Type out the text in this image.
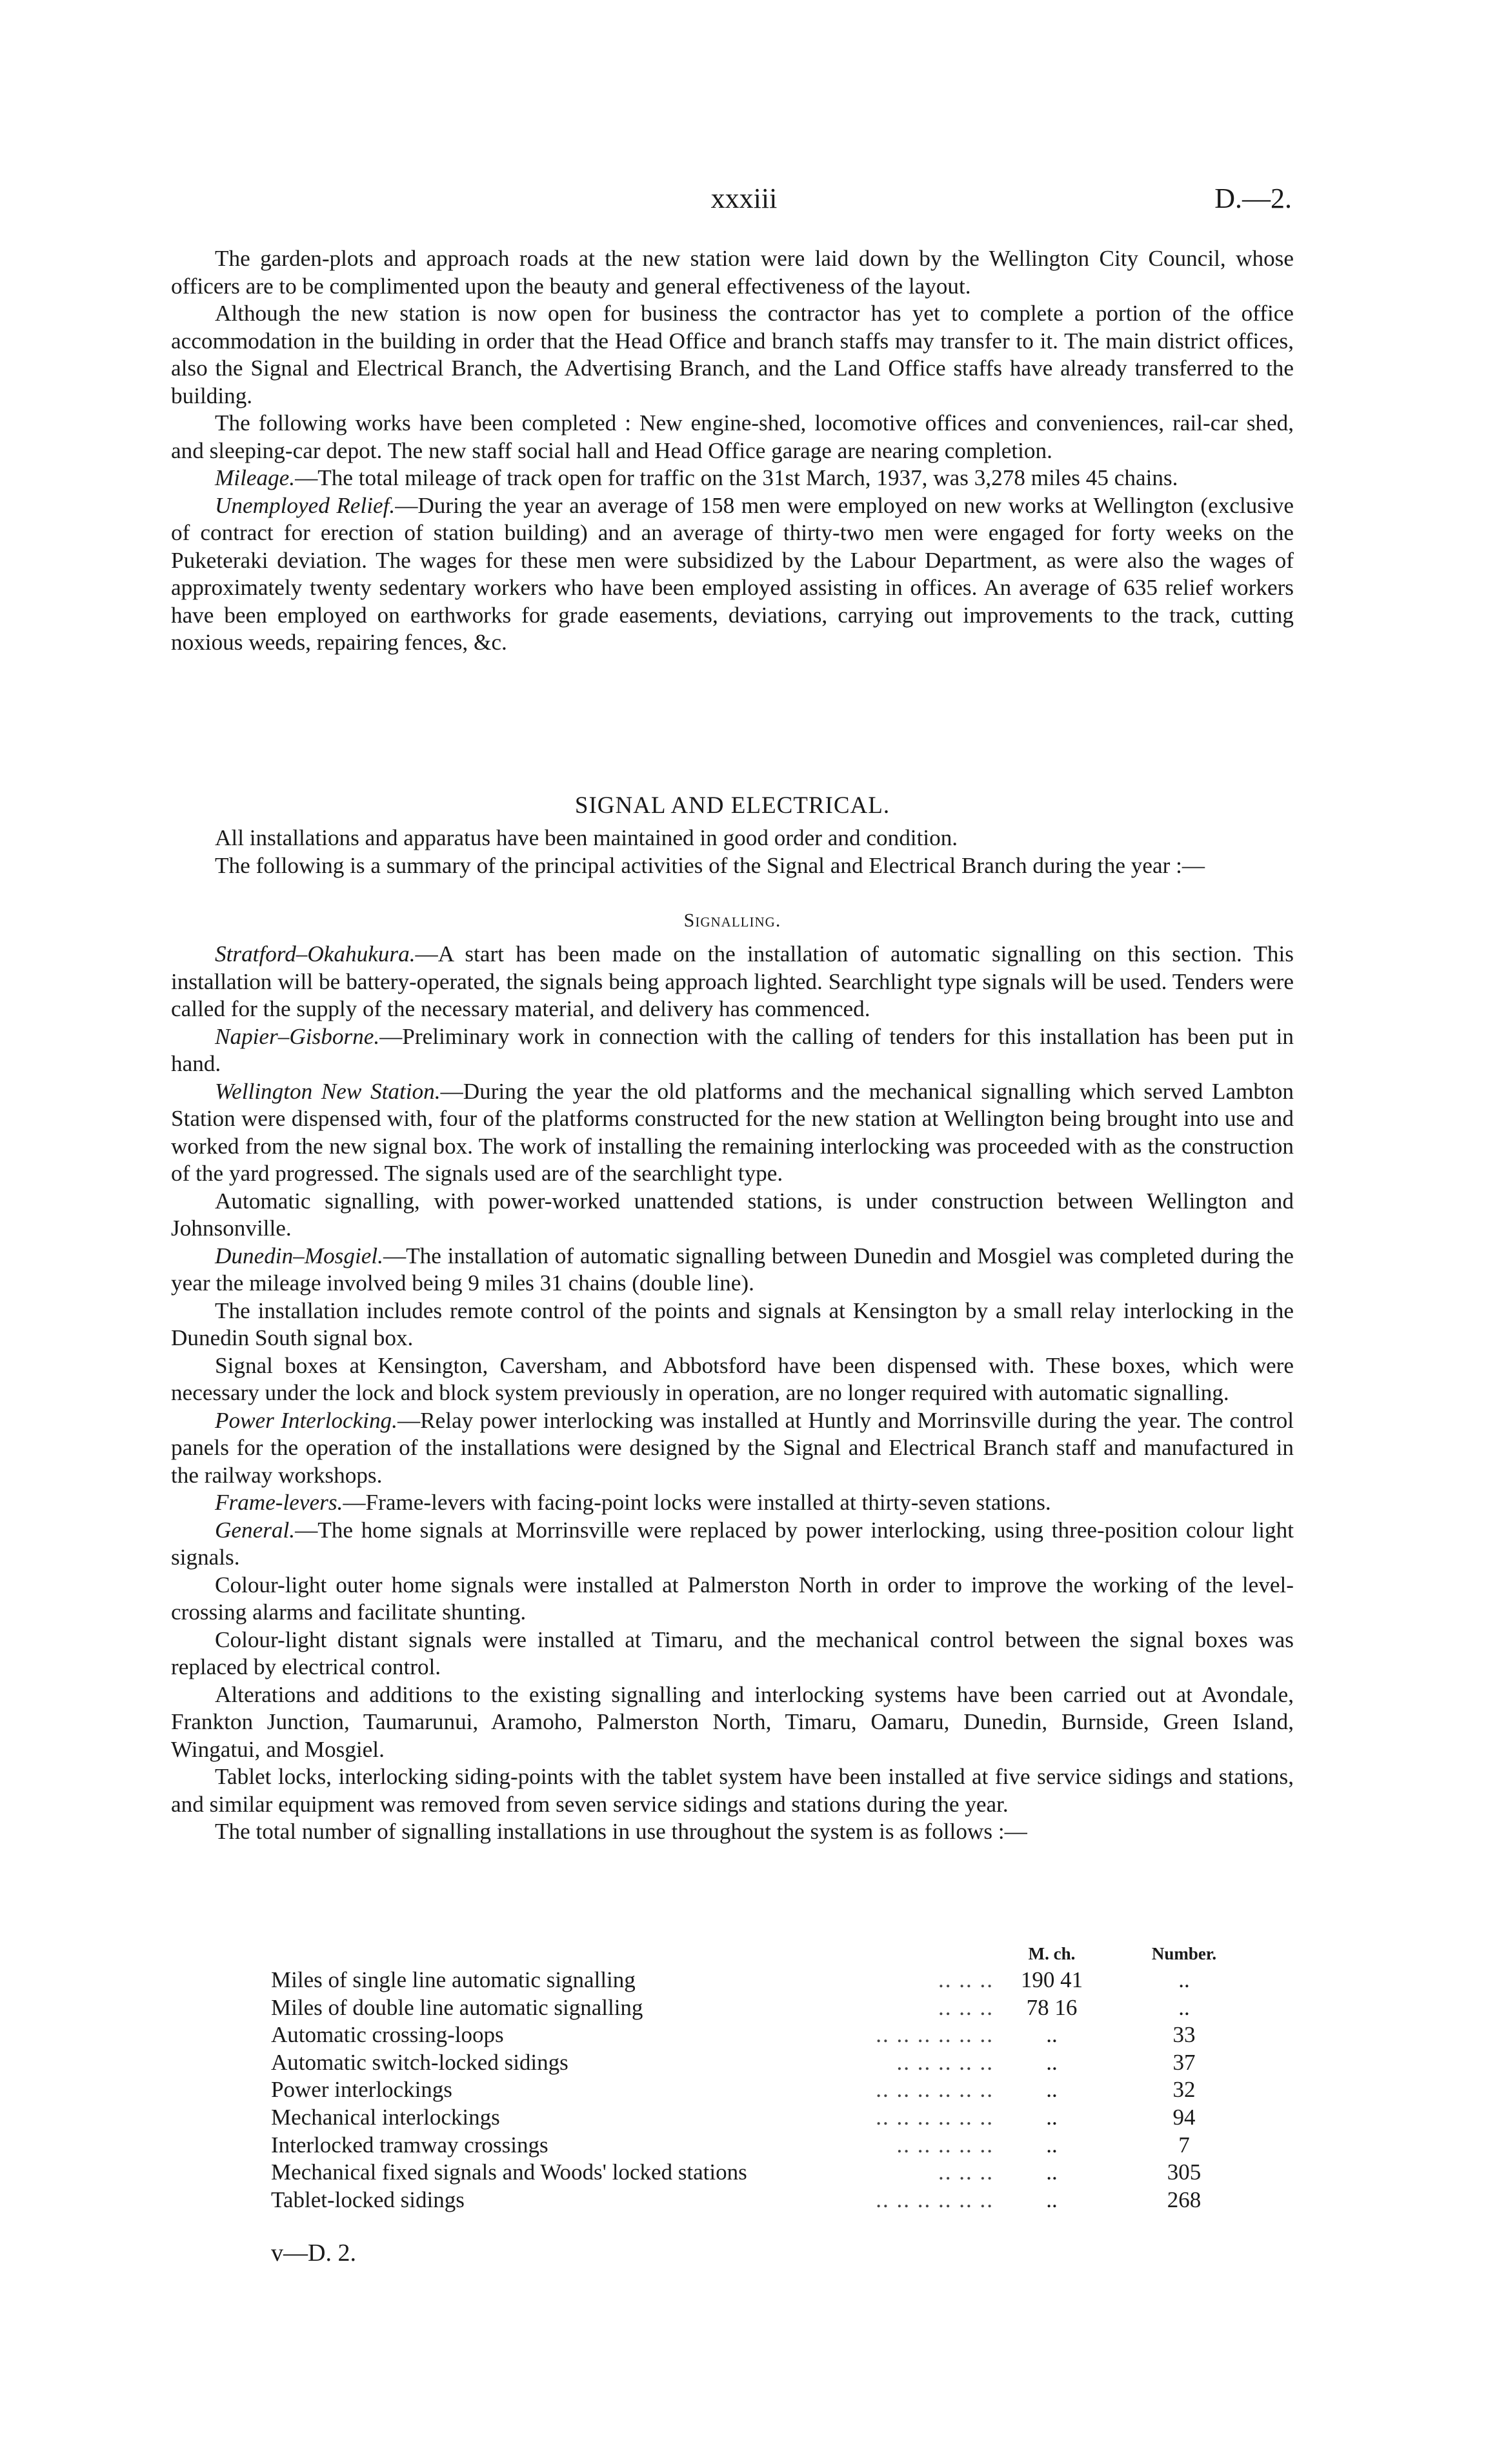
xxxiii	D.—2.

The garden-plots and approach roads at the new station were laid down by the Wellington City Council, whose officers are to be complimented upon the beauty and general effectiveness of the layout.

Although the new station is now open for business the contractor has yet to complete a portion of the office accommodation in the building in order that the Head Office and branch staffs may transfer to it. The main district offices, also the Signal and Electrical Branch, the Advertising Branch, and the Land Office staffs have already transferred to the building.

The following works have been completed : New engine-shed, locomotive offices and conveniences, rail-car shed, and sleeping-car depot. The new staff social hall and Head Office garage are nearing completion.

Mileage.—The total mileage of track open for traffic on the 31st March, 1937, was 3,278 miles 45 chains.

Unemployed Relief.—During the year an average of 158 men were employed on new works at Wellington (exclusive of contract for erection of station building) and an average of thirty-two men were engaged for forty weeks on the Puketeraki deviation. The wages for these men were subsidized by the Labour Department, as were also the wages of approximately twenty sedentary workers who have been employed assisting in offices. An average of 635 relief workers have been employed on earthworks for grade easements, deviations, carrying out improvements to the track, cutting noxious weeds, repairing fences, &c.

SIGNAL AND ELECTRICAL.

All installations and apparatus have been maintained in good order and condition.

The following is a summary of the principal activities of the Signal and Electrical Branch during the year :—

Signalling.

Stratford–Okahukura.—A start has been made on the installation of automatic signalling on this section. This installation will be battery-operated, the signals being approach lighted. Searchlight type signals will be used. Tenders were called for the supply of the necessary material, and delivery has commenced.

Napier–Gisborne.—Preliminary work in connection with the calling of tenders for this installation has been put in hand.

Wellington New Station.—During the year the old platforms and the mechanical signalling which served Lambton Station were dispensed with, four of the platforms constructed for the new station at Wellington being brought into use and worked from the new signal box. The work of installing the remaining interlocking was proceeded with as the construction of the yard progressed. The signals used are of the searchlight type.

Automatic signalling, with power-worked unattended stations, is under construction between Wellington and Johnsonville.

Dunedin–Mosgiel.—The installation of automatic signalling between Dunedin and Mosgiel was completed during the year the mileage involved being 9 miles 31 chains (double line).

The installation includes remote control of the points and signals at Kensington by a small relay interlocking in the Dunedin South signal box.

Signal boxes at Kensington, Caversham, and Abbotsford have been dispensed with. These boxes, which were necessary under the lock and block system previously in operation, are no longer required with automatic signalling.

Power Interlocking.—Relay power interlocking was installed at Huntly and Morrinsville during the year. The control panels for the operation of the installations were designed by the Signal and Electrical Branch staff and manufactured in the railway workshops.

Frame-levers.—Frame-levers with facing-point locks were installed at thirty-seven stations.

General.—The home signals at Morrinsville were replaced by power interlocking, using three-position colour light signals.

Colour-light outer home signals were installed at Palmerston North in order to improve the working of the level-crossing alarms and facilitate shunting.

Colour-light distant signals were installed at Timaru, and the mechanical control between the signal boxes was replaced by electrical control.

Alterations and additions to the existing signalling and interlocking systems have been carried out at Avondale, Frankton Junction, Taumarunui, Aramoho, Palmerston North, Timaru, Oamaru, Dunedin, Burnside, Green Island, Wingatui, and Mosgiel.

Tablet locks, interlocking siding-points with the tablet system have been installed at five service sidings and stations, and similar equipment was removed from seven service sidings and stations during the year.

The total number of signalling installations in use throughout the system is as follows :—

M. ch.	Number.
Miles of single line automatic signalling	.. .. ..	190 41	..
Miles of double line automatic signalling	.. .. ..	78 16	..
Automatic crossing-loops	.. .. .. .. .. ..	..	33
Automatic switch-locked sidings	.. .. .. .. ..	..	37
Power interlockings	.. .. .. .. .. ..	..	32
Mechanical interlockings	.. .. .. .. .. ..	..	94
Interlocked tramway crossings	.. .. .. .. ..	..	7
Mechanical fixed signals and Woods' locked stations	.. .. ..	..	305
Tablet-locked sidings	.. .. .. .. .. ..	..	268
v—D. 2.
